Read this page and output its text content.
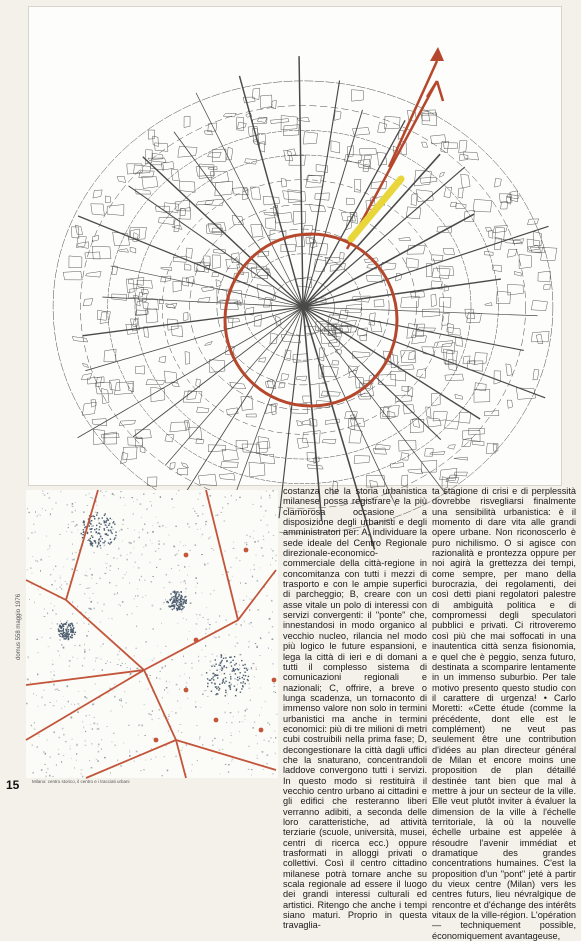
costanza che la storia urbanistica milanese possa registrare e la più clamorosa occasione a disposizione degli urbanisti e degli amministratori per: A, individuare la sede ideale del Centro Regionale direzionale-economico-commerciale della città-regione in concomitanza con tutti i mezzi di trasporto e con le ampie superfici di parcheggio; B, creare con un asse vitale un polo di interessi con servizi convergenti: il "ponte" che, innestandosi in modo organico al vecchio nucleo, rilancia nel modo più logico le future espansioni, e lega la città di ieri e di domani a tutti il complesso sistema di comunicazioni regionali e nazionali; C, offrire, a breve o lunga scadenza, un tornaconto di immenso valore non solo in termini urbanistici ma anche in termini economici: più di tre milioni di metri cubi costruibili nella prima fase; D, decongestionare la città dagli uffici che la snaturano, concentrandoli laddove convergono tutti i servizi. In questo modo si restituirà il vecchio centro urbano ai cittadini e gli edifici che resteranno liberi verranno adibiti, a seconda delle loro caratteristiche, ad attività terziarie (scuole, università, musei, centri di ricerca ecc.) oppure trasformati in alloggi privati o collettivi. Così il centro cittadino milanese potrà tornare anche su scala regionale ad essere il luogo dei grandi interessi culturali ed artistici. Ritengo che anche i tempi siano maturi. Proprio in questa travaglia-

ta stagione di crisi e di perplessità dovrebbe risvegliarsi finalmente una sensibilità urbanistica: è il momento di dare vita alle grandi opere urbane. Non riconoscerlo è puro nichilismo. O si agisce con razionalità e prontezza oppure per noi agirà la grettezza dei tempi, come sempre, per mano della burocrazia, dei regolamenti, dei così detti piani regolatori palestre di ambiguità politica e di compromessi degli speculatori pubblici e privati. Ci ritroveremo così più che mai soffocati in una inautentica città senza fisionomia, e quel che è peggio, senza futuro, destinata a scomparire lentamente in un immenso suburbio. Per tale motivo presento questo studio con il carattere di urgenza! • Carlo Moretti: «Cette étude (comme la précédente, dont elle est le complément) ne veut pas seulement être une contribution d'idées au plan directeur général de Milan et encore moins une proposition de plan détaillé destinée tant bien que mal à mettre à jour un secteur de la ville. Elle veut plutôt inviter à évaluer la dimension de la ville à l'échelle territoriale, là où la nouvelle échelle urbaine est appelée à résoudre l'avenir immédiat et dramatique des grandes concentrations humaines. C'est la proposition d'un "pont" jeté à partir du vieux centre (Milan) vers les centres futurs, lieu névralgique de rencontre et d'échange des intérêts vitaux de la ville-région. L'opération — techniquement possible, économiquement avantageuse,

domus 558 maggio 1976
Milano: centro storico, il centro e i tracciati urbani
15
